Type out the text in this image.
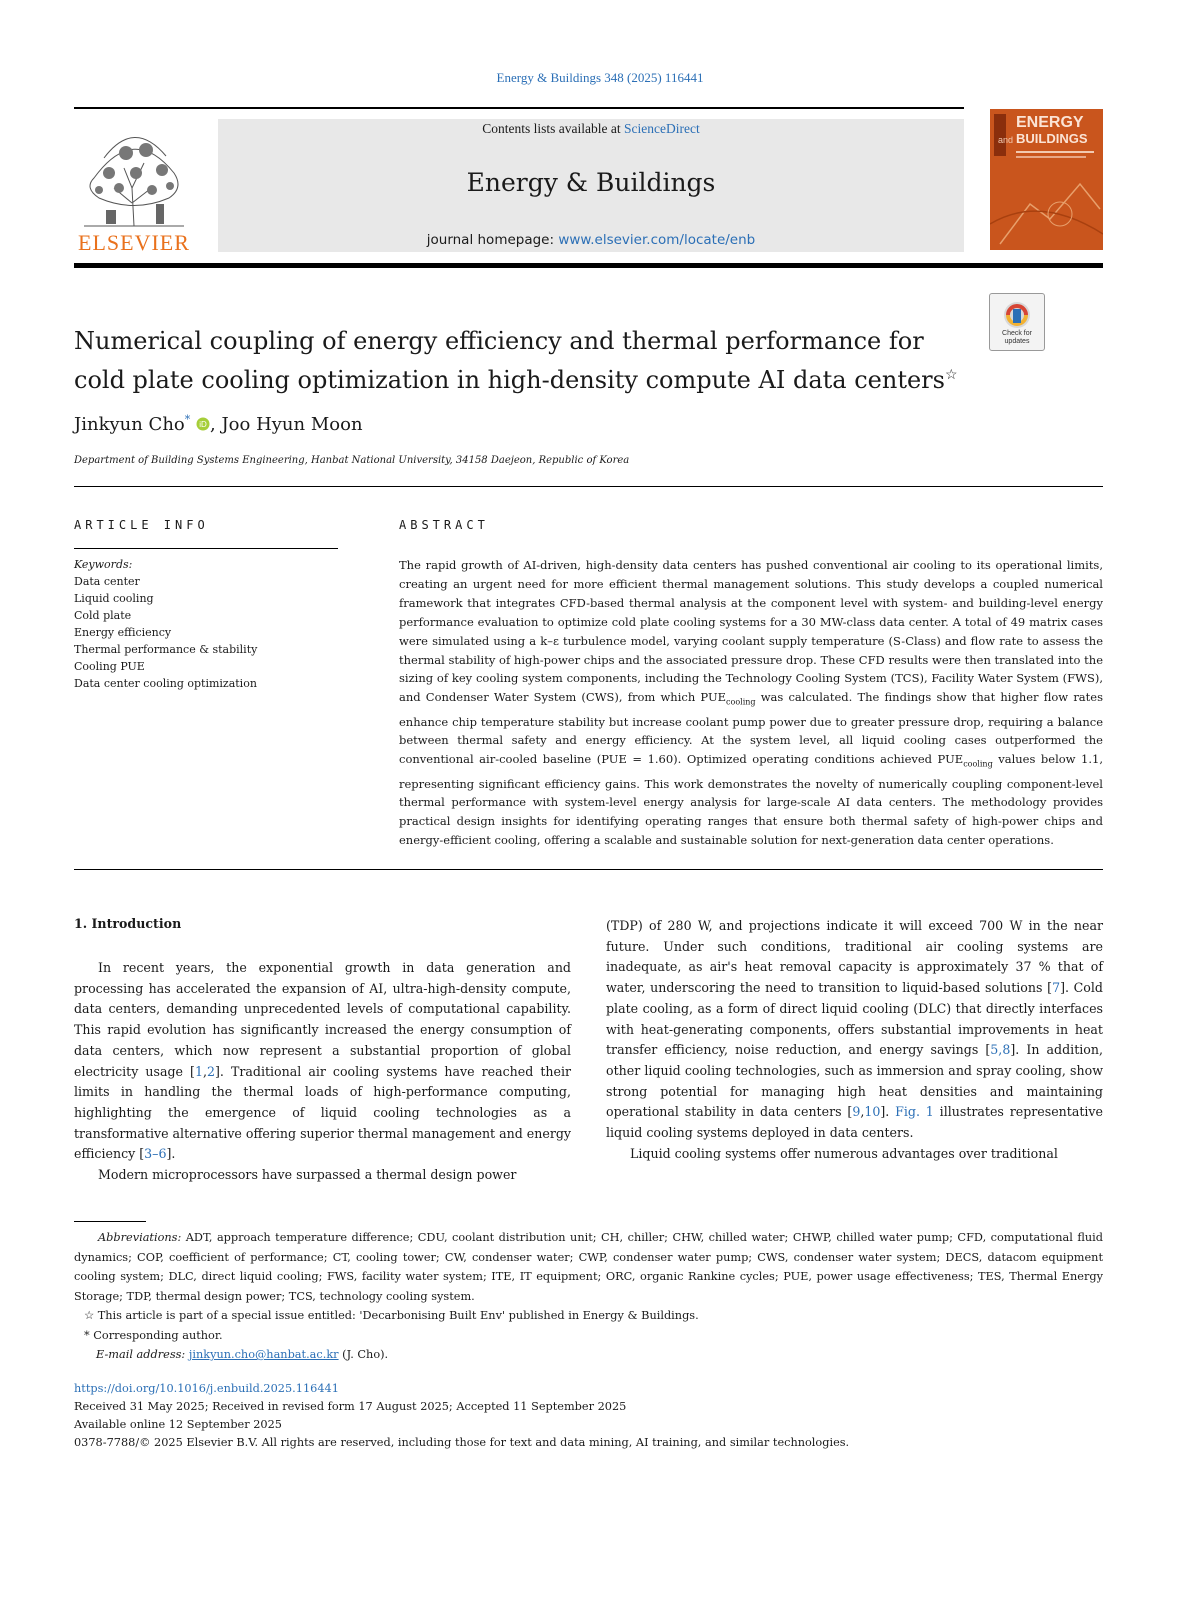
Energy & Buildings 348 (2025) 116441
ELSEVIER
Contents lists available at ScienceDirect
Energy & Buildings
journal homepage: www.elsevier.com/locate/enb
and
ENERGY
BUILDINGS
Check for updates
Numerical coupling of energy efficiency and thermal performance for cold plate cooling optimization in high-density compute AI data centers☆
Jinkyun Cho* iD , Joo Hyun Moon
Department of Building Systems Engineering, Hanbat National University, 34158 Daejeon, Republic of Korea
ARTICLE INFO
Keywords:
Data center
Liquid cooling
Cold plate
Energy efficiency
Thermal performance & stability
Cooling PUE
Data center cooling optimization
ABSTRACT
The rapid growth of AI-driven, high-density data centers has pushed conventional air cooling to its operational limits, creating an urgent need for more efficient thermal management solutions. This study develops a coupled numerical framework that integrates CFD-based thermal analysis at the component level with system- and building-level energy performance evaluation to optimize cold plate cooling systems for a 30 MW-class data center. A total of 49 matrix cases were simulated using a k–ε turbulence model, varying coolant supply temperature (S-Class) and flow rate to assess the thermal stability of high-power chips and the associated pressure drop. These CFD results were then translated into the sizing of key cooling system components, including the Technology Cooling System (TCS), Facility Water System (FWS), and Condenser Water System (CWS), from which $PUE_{cooling}$ was calculated. The findings show that higher flow rates enhance chip temperature stability but increase coolant pump power due to greater pressure drop, requiring a balance between thermal safety and energy efficiency. At the system level, all liquid cooling cases outperformed the conventional air-cooled baseline (PUE = 1.60). Optimized operating conditions achieved $PUE_{cooling}$ values below 1.1, representing significant efficiency gains. This work demonstrates the novelty of numerically coupling component-level thermal performance with system-level energy analysis for large-scale AI data centers. The methodology provides practical design insights for identifying operating ranges that ensure both thermal safety of high-power chips and energy-efficient cooling, offering a scalable and sustainable solution for next-generation data center operations.
1. Introduction

In recent years, the exponential growth in data generation and processing has accelerated the expansion of AI, ultra-high-density compute, data centers, demanding unprecedented levels of computational capability. This rapid evolution has significantly increased the energy consumption of data centers, which now represent a substantial proportion of global electricity usage [1,2]. Traditional air cooling systems have reached their limits in handling the thermal loads of high-performance computing, highlighting the emergence of liquid cooling technologies as a transformative alternative offering superior thermal management and energy efficiency [3–6].

Modern microprocessors have surpassed a thermal design power

(TDP) of 280 W, and projections indicate it will exceed 700 W in the near future. Under such conditions, traditional air cooling systems are inadequate, as air's heat removal capacity is approximately 37 % that of water, underscoring the need to transition to liquid-based solutions [7]. Cold plate cooling, as a form of direct liquid cooling (DLC) that directly interfaces with heat-generating components, offers substantial improvements in heat transfer efficiency, noise reduction, and energy savings [5,8]. In addition, other liquid cooling technologies, such as immersion and spray cooling, show strong potential for managing high heat densities and maintaining operational stability in data centers [9,10]. Fig. 1 illustrates representative liquid cooling systems deployed in data centers.

Liquid cooling systems offer numerous advantages over traditional

Abbreviations: ADT, approach temperature difference; CDU, coolant distribution unit; CH, chiller; CHW, chilled water; CHWP, chilled water pump; CFD, computational fluid dynamics; COP, coefficient of performance; CT, cooling tower; CW, condenser water; CWP, condenser water pump; CWS, condenser water system; DECS, datacom equipment cooling system; DLC, direct liquid cooling; FWS, facility water system; ITE, IT equipment; ORC, organic Rankine cycles; PUE, power usage effectiveness; TES, Thermal Energy Storage; TDP, thermal design power; TCS, technology cooling system.

☆ This article is part of a special issue entitled: 'Decarbonising Built Env' published in Energy & Buildings.

* Corresponding author.

E-mail address: jinkyun.cho@hanbat.ac.kr (J. Cho).

https://doi.org/10.1016/j.enbuild.2025.116441
Received 31 May 2025; Received in revised form 17 August 2025; Accepted 11 September 2025
Available online 12 September 2025
0378-7788/© 2025 Elsevier B.V. All rights are reserved, including those for text and data mining, AI training, and similar technologies.
